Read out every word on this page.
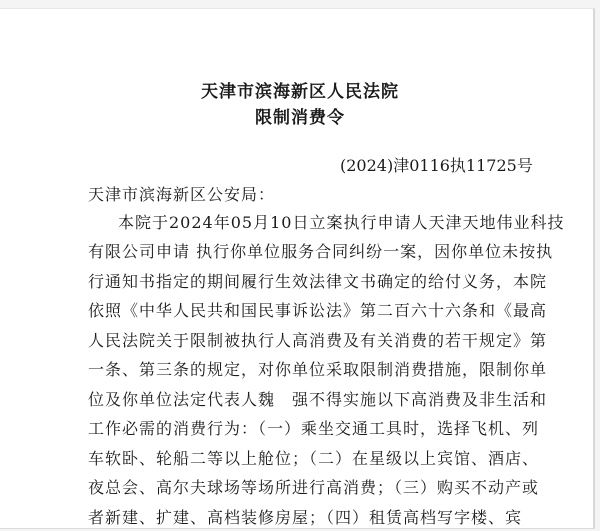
天津市滨海新区人民法院
限制消费令
(2024)津0116执11725号
天津市滨海新区公安局：
本院于2024年05月10日立案执行申请人天津天地伟业科技
有限公司申请 执行你单位服务合同纠纷一案，因你单位未按执
行通知书指定的期间履行生效法律文书确定的给付义务，本院
依照《中华人民共和国民事诉讼法》第二百六十六条和《最高
人民法院关于限制被执行人高消费及有关消费的若干规定》第
一条、第三条的规定，对你单位采取限制消费措施，限制你单
位及你单位法定代表人魏　强不得实施以下高消费及非生活和
工作必需的消费行为：（一）乘坐交通工具时，选择飞机、列
车软卧、轮船二等以上舱位；（二）在星级以上宾馆、酒店、
夜总会、高尔夫球场等场所进行高消费；（三）购买不动产或
者新建、扩建、高档装修房屋；（四）租赁高档写字楼、宾
